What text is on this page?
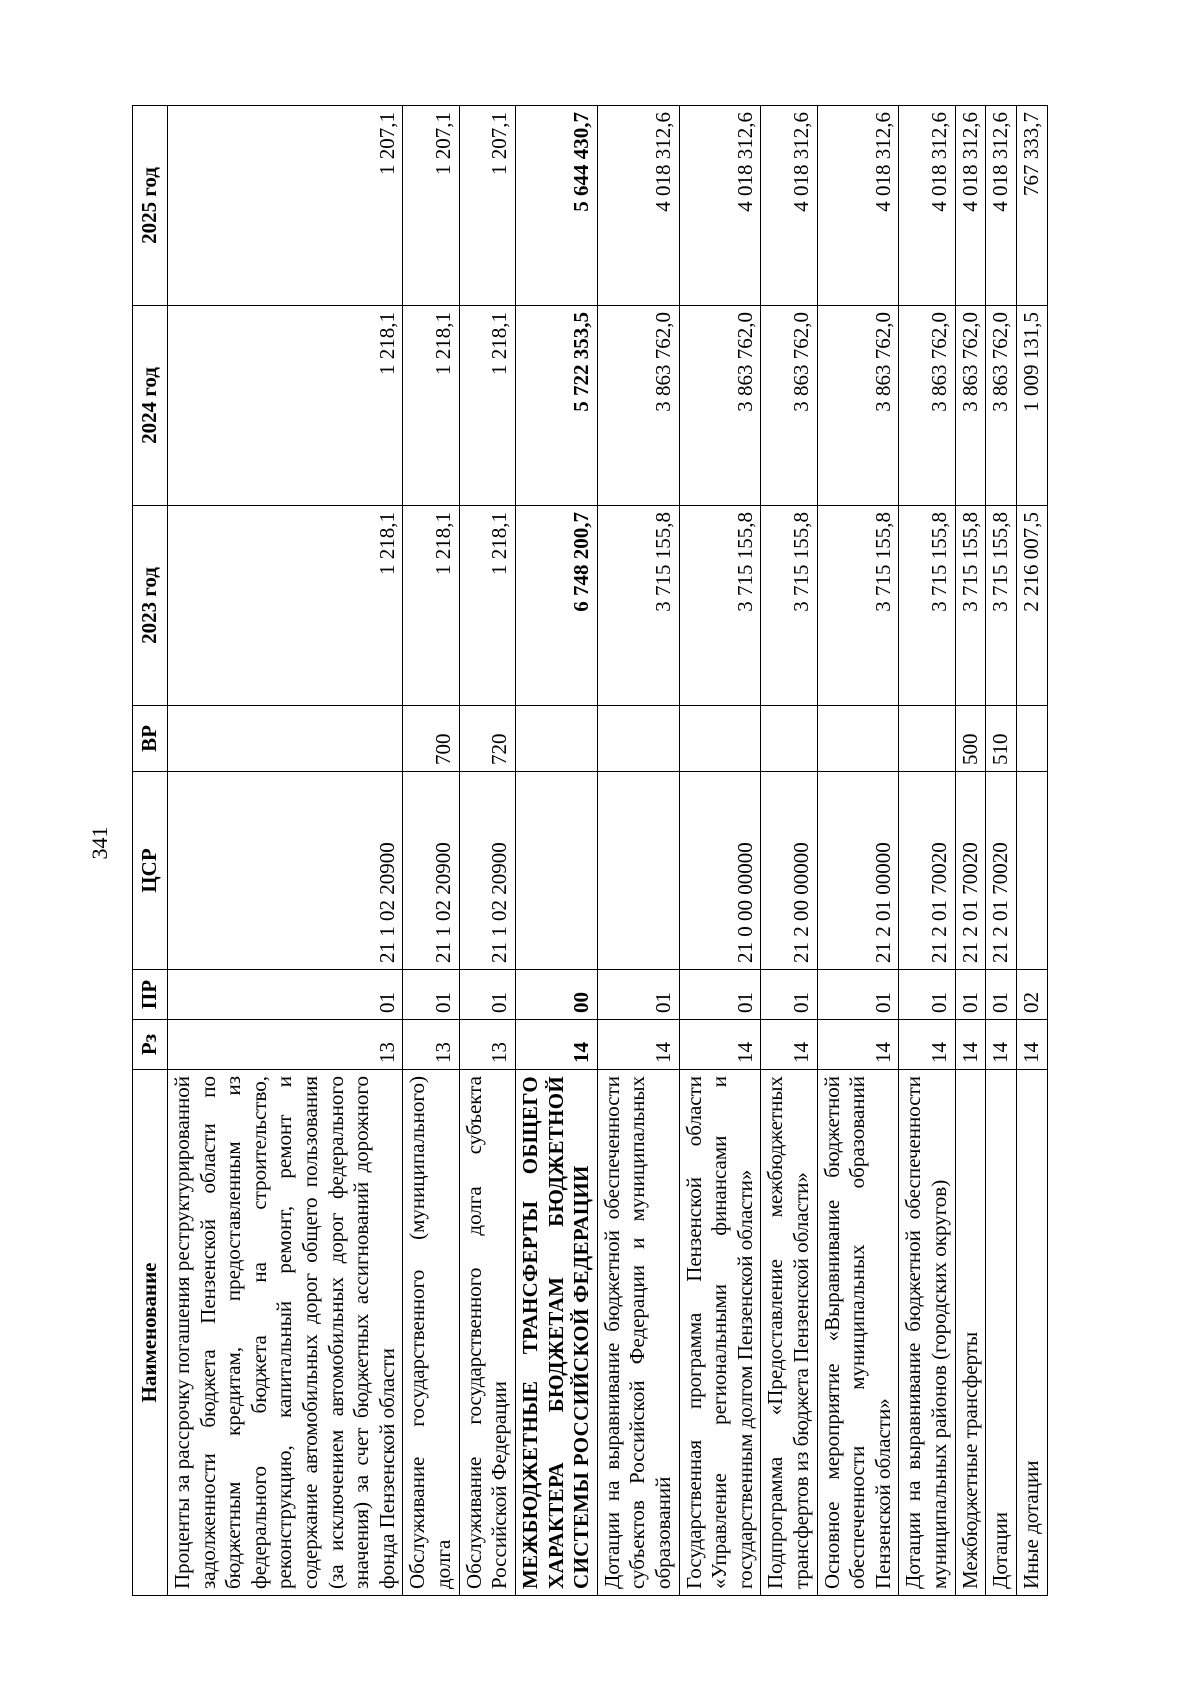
341
Наименование	Рз	ПР	ЦСР	ВР	2023 год	2024 год	2025 год
Проценты за рассрочку погашения реструктурированной задолженности бюджета Пензенской области по бюджетным кредитам, предоставленным из федерального бюджета на строительство, реконструкцию, капитальный ремонт, ремонт и содержание автомобильных дорог общего пользования (за исключением автомобильных дорог федерального значения) за счет бюджетных ассигнований дорожного фонда Пензенской области	13	01	21 1 02 20900		1 218,1	1 218,1	1 207,1
Обслуживание государственного (муниципального) долга	13	01	21 1 02 20900	700	1 218,1	1 218,1	1 207,1
Обслуживание государственного долга субъекта Российской Федерации	13	01	21 1 02 20900	720	1 218,1	1 218,1	1 207,1
МЕЖБЮДЖЕТНЫЕ ТРАНСФЕРТЫ ОБЩЕГО ХАРАКТЕРА БЮДЖЕТАМ БЮДЖЕТНОЙ СИСТЕМЫ РОССИЙСКОЙ ФЕДЕРАЦИИ	14	00			6 748 200,7	5 722 353,5	5 644 430,7
Дотации на выравнивание бюджетной обеспеченности субъектов Российской Федерации и муниципальных образований	14	01			3 715 155,8	3 863 762,0	4 018 312,6
Государственная программа Пензенской области «Управление региональными финансами и государственным долгом Пензенской области»	14	01	21 0 00 00000		3 715 155,8	3 863 762,0	4 018 312,6
Подпрограмма «Предоставление межбюджетных трансфертов из бюджета Пензенской области»	14	01	21 2 00 00000		3 715 155,8	3 863 762,0	4 018 312,6
Основное мероприятие «Выравнивание бюджетной обеспеченности муниципальных образований Пензенской области»	14	01	21 2 01 00000		3 715 155,8	3 863 762,0	4 018 312,6
Дотации на выравнивание бюджетной обеспеченности муниципальных районов (городских округов)	14	01	21 2 01 70020		3 715 155,8	3 863 762,0	4 018 312,6
Межбюджетные трансферты	14	01	21 2 01 70020	500	3 715 155,8	3 863 762,0	4 018 312,6
Дотации	14	01	21 2 01 70020	510	3 715 155,8	3 863 762,0	4 018 312,6
Иные дотации	14	02			2 216 007,5	1 009 131,5	767 333,7
